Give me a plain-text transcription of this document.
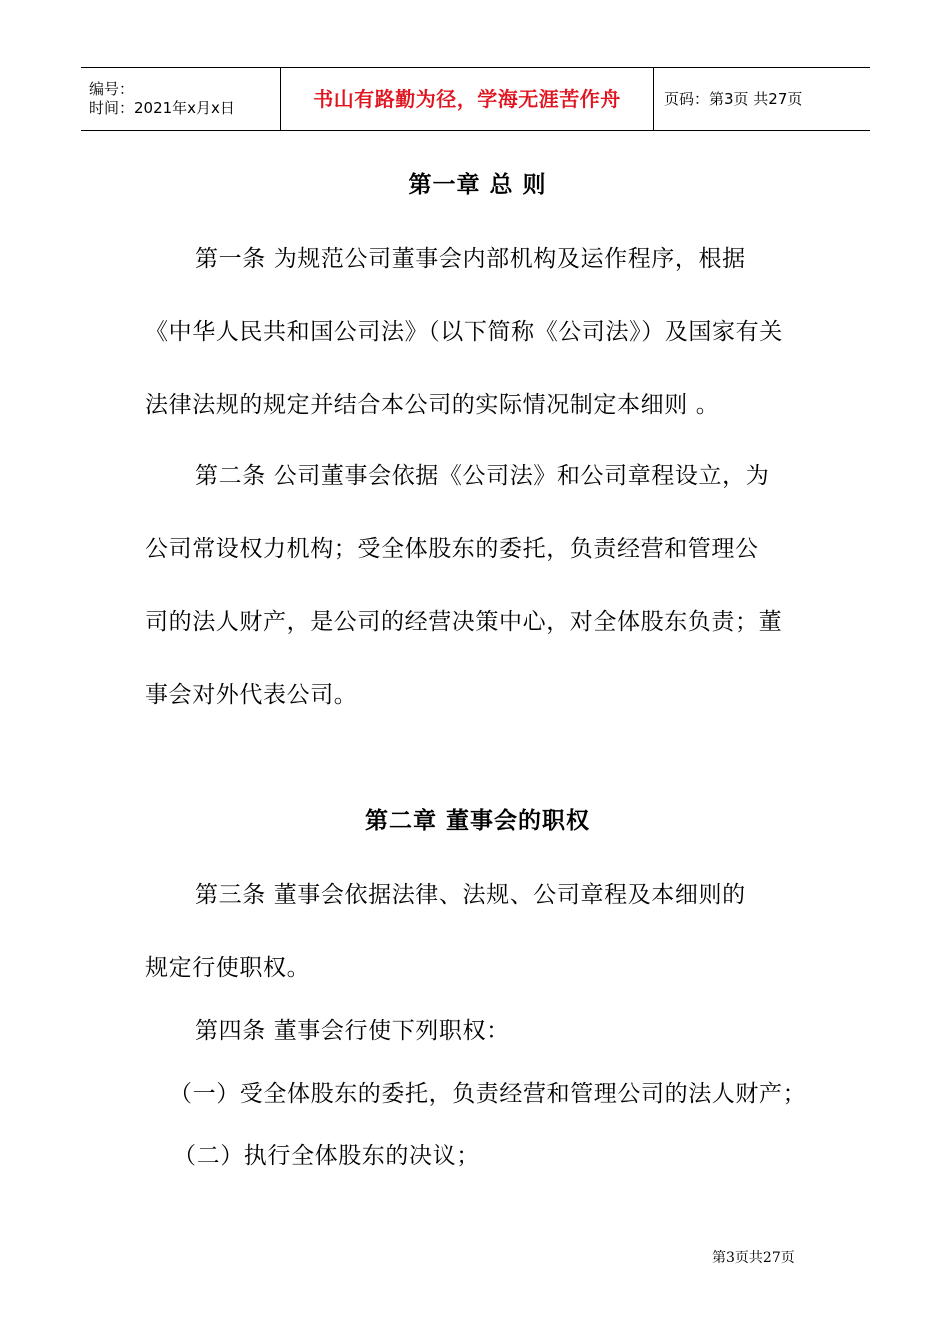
编号：
时间：2021年x月x日	书山有路勤为径，学海无涯苦作舟	页码：第3页 共27页
第一章 总 则
第一条 为规范公司董事会内部机构及运作程序，根据
《中华人民共和国公司法》（以下简称《公司法》）及国家有关
法律法规的规定并结合本公司的实际情况制定本细则 。
第二条 公司董事会依据《公司法》和公司章程设立，为
公司常设权力机构；受全体股东的委托，负责经营和管理公
司的法人财产，是公司的经营决策中心，对全体股东负责；董
事会对外代表公司。
第二章 董事会的职权
第三条 董事会依据法律、法规、公司章程及本细则的
规定行使职权。
第四条 董事会行使下列职权：
（一）受全体股东的委托，负责经营和管理公司的法人财产；
（二）执行全体股东的决议；
第3页共27页
